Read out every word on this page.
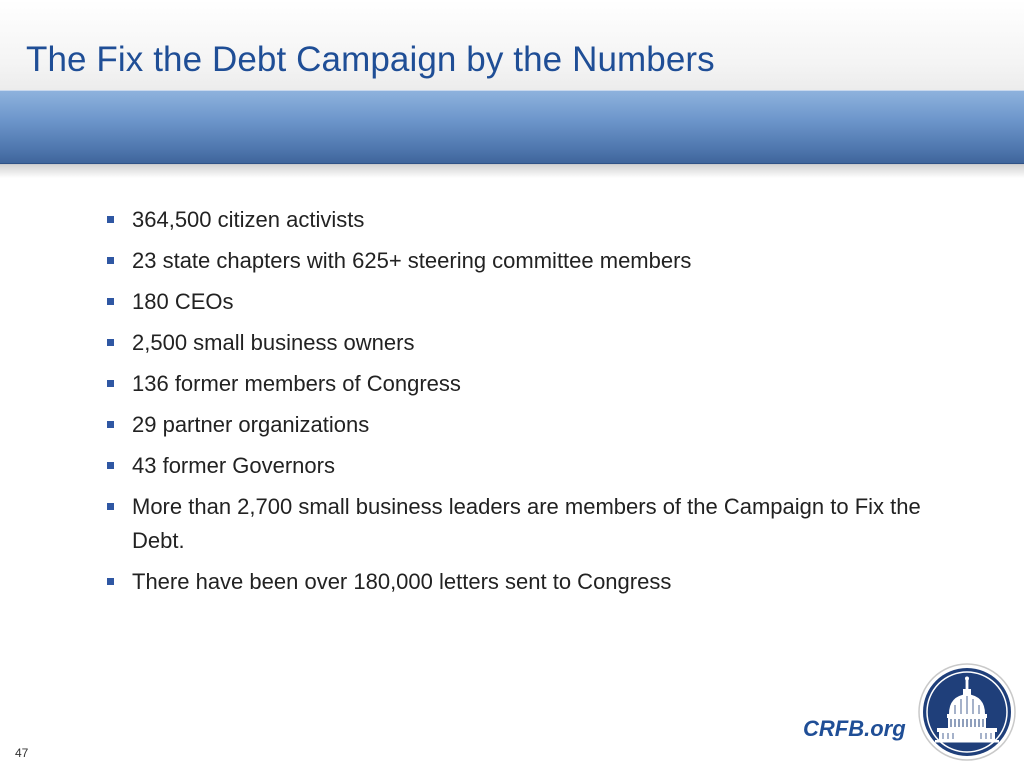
The Fix the Debt Campaign by the Numbers
364,500 citizen activists
23 state chapters with 625+ steering committee members
180 CEOs
2,500 small business owners
136 former members of Congress
29 partner organizations
43 former Governors
More than 2,700 small business leaders are members of the Campaign to Fix the Debt.
There have been over 180,000 letters sent to Congress
CRFB.org
47
